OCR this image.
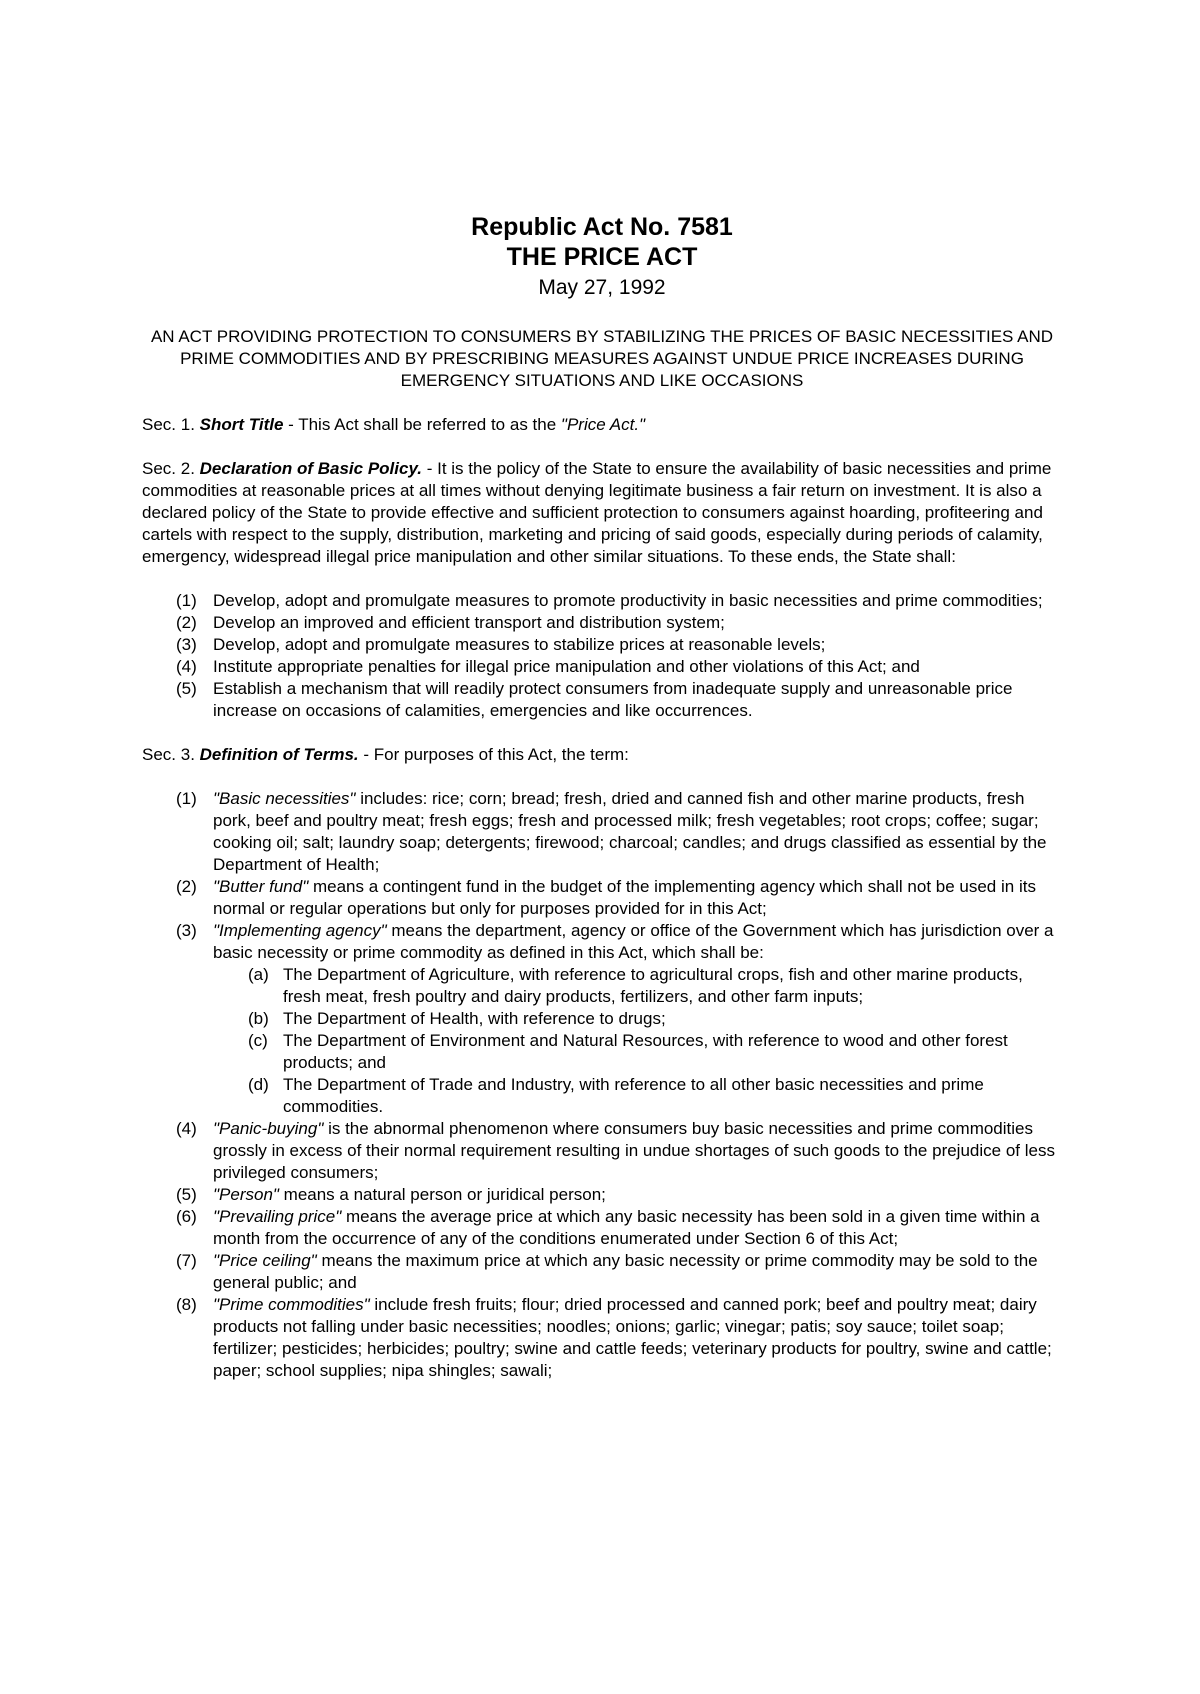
Republic Act No. 7581
THE PRICE ACT
May 27, 1992
AN ACT PROVIDING PROTECTION TO CONSUMERS BY STABILIZING THE PRICES OF BASIC NECESSITIES AND PRIME COMMODITIES AND BY PRESCRIBING MEASURES AGAINST UNDUE PRICE INCREASES DURING EMERGENCY SITUATIONS AND LIKE OCCASIONS
Sec. 1. Short Title - This Act shall be referred to as the "Price Act."
Sec. 2. Declaration of Basic Policy. - It is the policy of the State to ensure the availability of basic necessities and prime commodities at reasonable prices at all times without denying legitimate business a fair return on investment. It is also a declared policy of the State to provide effective and sufficient protection to consumers against hoarding, profiteering and cartels with respect to the supply, distribution, marketing and pricing of said goods, especially during periods of calamity, emergency, widespread illegal price manipulation and other similar situations. To these ends, the State shall:
(1) Develop, adopt and promulgate measures to promote productivity in basic necessities and prime commodities;
(2) Develop an improved and efficient transport and distribution system;
(3) Develop, adopt and promulgate measures to stabilize prices at reasonable levels;
(4) Institute appropriate penalties for illegal price manipulation and other violations of this Act; and
(5) Establish a mechanism that will readily protect consumers from inadequate supply and unreasonable price increase on occasions of calamities, emergencies and like occurrences.
Sec. 3. Definition of Terms. - For purposes of this Act, the term:
(1) "Basic necessities" includes: rice; corn; bread; fresh, dried and canned fish and other marine products, fresh pork, beef and poultry meat; fresh eggs; fresh and processed milk; fresh vegetables; root crops; coffee; sugar; cooking oil; salt; laundry soap; detergents; firewood; charcoal; candles; and drugs classified as essential by the Department of Health;
(2) "Butter fund" means a contingent fund in the budget of the implementing agency which shall not be used in its normal or regular operations but only for purposes provided for in this Act;
(3) "Implementing agency" means the department, agency or office of the Government which has jurisdiction over a basic necessity or prime commodity as defined in this Act, which shall be:
(a) The Department of Agriculture, with reference to agricultural crops, fish and other marine products, fresh meat, fresh poultry and dairy products, fertilizers, and other farm inputs;
(b) The Department of Health, with reference to drugs;
(c) The Department of Environment and Natural Resources, with reference to wood and other forest products; and
(d) The Department of Trade and Industry, with reference to all other basic necessities and prime commodities.
(4) "Panic-buying" is the abnormal phenomenon where consumers buy basic necessities and prime commodities grossly in excess of their normal requirement resulting in undue shortages of such goods to the prejudice of less privileged consumers;
(5) "Person" means a natural person or juridical person;
(6) "Prevailing price" means the average price at which any basic necessity has been sold in a given time within a month from the occurrence of any of the conditions enumerated under Section 6 of this Act;
(7) "Price ceiling" means the maximum price at which any basic necessity or prime commodity may be sold to the general public; and
(8) "Prime commodities" include fresh fruits; flour; dried processed and canned pork; beef and poultry meat; dairy products not falling under basic necessities; noodles; onions; garlic; vinegar; patis; soy sauce; toilet soap; fertilizer; pesticides; herbicides; poultry; swine and cattle feeds; veterinary products for poultry, swine and cattle; paper; school supplies; nipa shingles; sawali;
